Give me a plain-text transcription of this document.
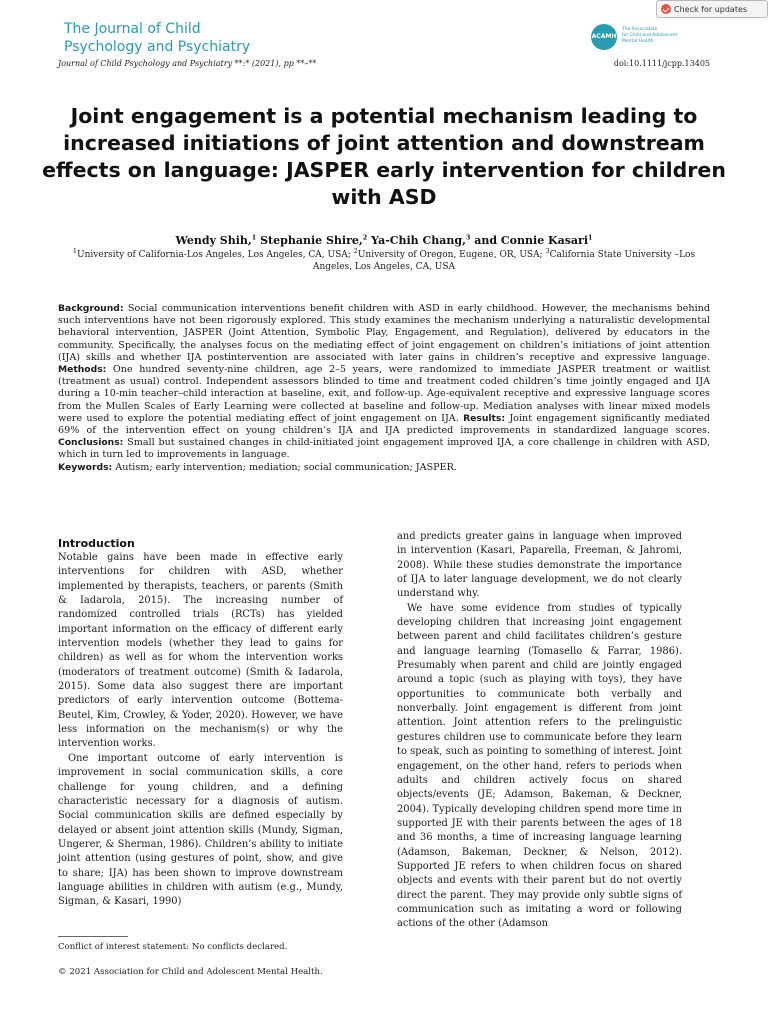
The Journal of Child
Psychology and Psychiatry
Check for updates
ACAMH
The Association
for Child and Adolescent
Mental Health
Journal of Child Psychology and Psychiatry **:* (2021), pp **–**	doi:10.1111/jcpp.13405
Joint engagement is a potential mechanism leading to increased initiations of joint attention and downstream effects on language: JASPER early intervention for children with ASD
Wendy Shih,$^1$ Stephanie Shire,$^2$ Ya-Chih Chang,$^3$ and Connie Kasari$^1$
$^1$University of California-Los Angeles, Los Angeles, CA, USA; $^2$University of Oregon, Eugene, OR, USA; $^3$California State University –Los Angeles, Los Angeles, CA, USA

Background: Social communication interventions benefit children with ASD in early childhood. However, the mechanisms behind such interventions have not been rigorously explored. This study examines the mechanism underlying a naturalistic developmental behavioral intervention, JASPER (Joint Attention, Symbolic Play, Engagement, and Regulation), delivered by educators in the community. Specifically, the analyses focus on the mediating effect of joint engagement on children’s initiations of joint attention (IJA) skills and whether IJA postintervention are associated with later gains in children’s receptive and expressive language. Methods: One hundred seventy-nine children, age 2–5 years, were randomized to immediate JASPER treatment or waitlist (treatment as usual) control. Independent assessors blinded to time and treatment coded children’s time jointly engaged and IJA during a 10-min teacher–child interaction at baseline, exit, and follow-up. Age-equivalent receptive and expressive language scores from the Mullen Scales of Early Learning were collected at baseline and follow-up. Mediation analyses with linear mixed models were used to explore the potential mediating effect of joint engagement on IJA. Results: Joint engagement significantly mediated 69% of the intervention effect on young children’s IJA and IJA predicted improvements in standardized language scores. Conclusions: Small but sustained changes in child-initiated joint engagement improved IJA, a core challenge in children with ASD, which in turn led to improvements in language.
Keywords: Autism; early intervention; mediation; social communication; JASPER.

Introduction

Notable gains have been made in effective early interventions for children with ASD, whether implemented by therapists, teachers, or parents (Smith & Iadarola, 2015). The increasing number of randomized controlled trials (RCTs) has yielded important information on the efficacy of different early intervention models (whether they lead to gains for children) as well as for whom the intervention works (moderators of treatment outcome) (Smith & Iadarola, 2015). Some data also suggest there are important predictors of early intervention outcome (Bottema-Beutel, Kim, Crowley, & Yoder, 2020). However, we have less information on the mechanism(s) or why the intervention works.

One important outcome of early intervention is improvement in social communication skills, a core challenge for young children, and a defining characteristic necessary for a diagnosis of autism. Social communication skills are defined especially by delayed or absent joint attention skills (Mundy, Sigman, Ungerer, & Sherman, 1986). Children’s ability to initiate joint attention (using gestures of point, show, and give to share; IJA) has been shown to improve downstream language abilities in children with autism (e.g., Mundy, Sigman, & Kasari, 1990)

and predicts greater gains in language when improved in intervention (Kasari, Paparella, Freeman, & Jahromi, 2008). While these studies demonstrate the importance of IJA to later language development, we do not clearly understand why.

We have some evidence from studies of typically developing children that increasing joint engagement between parent and child facilitates children’s gesture and language learning (Tomasello & Farrar, 1986). Presumably when parent and child are jointly engaged around a topic (such as playing with toys), they have opportunities to communicate both verbally and nonverbally. Joint engagement is different from joint attention. Joint attention refers to the prelinguistic gestures children use to communicate before they learn to speak, such as pointing to something of interest. Joint engagement, on the other hand, refers to periods when adults and children actively focus on shared objects/events (JE; Adamson, Bakeman, & Deckner, 2004). Typically developing children spend more time in supported JE with their parents between the ages of 18 and 36 months, a time of increasing language learning (Adamson, Bakeman, Deckner, & Nelson, 2012). Supported JE refers to when children focus on shared objects and events with their parent but do not overtly direct the parent. They may provide only subtle signs of communication such as imitating a word or following actions of the other (Adamson

Conflict of interest statement: No conflicts declared.
© 2021 Association for Child and Adolescent Mental Health.
